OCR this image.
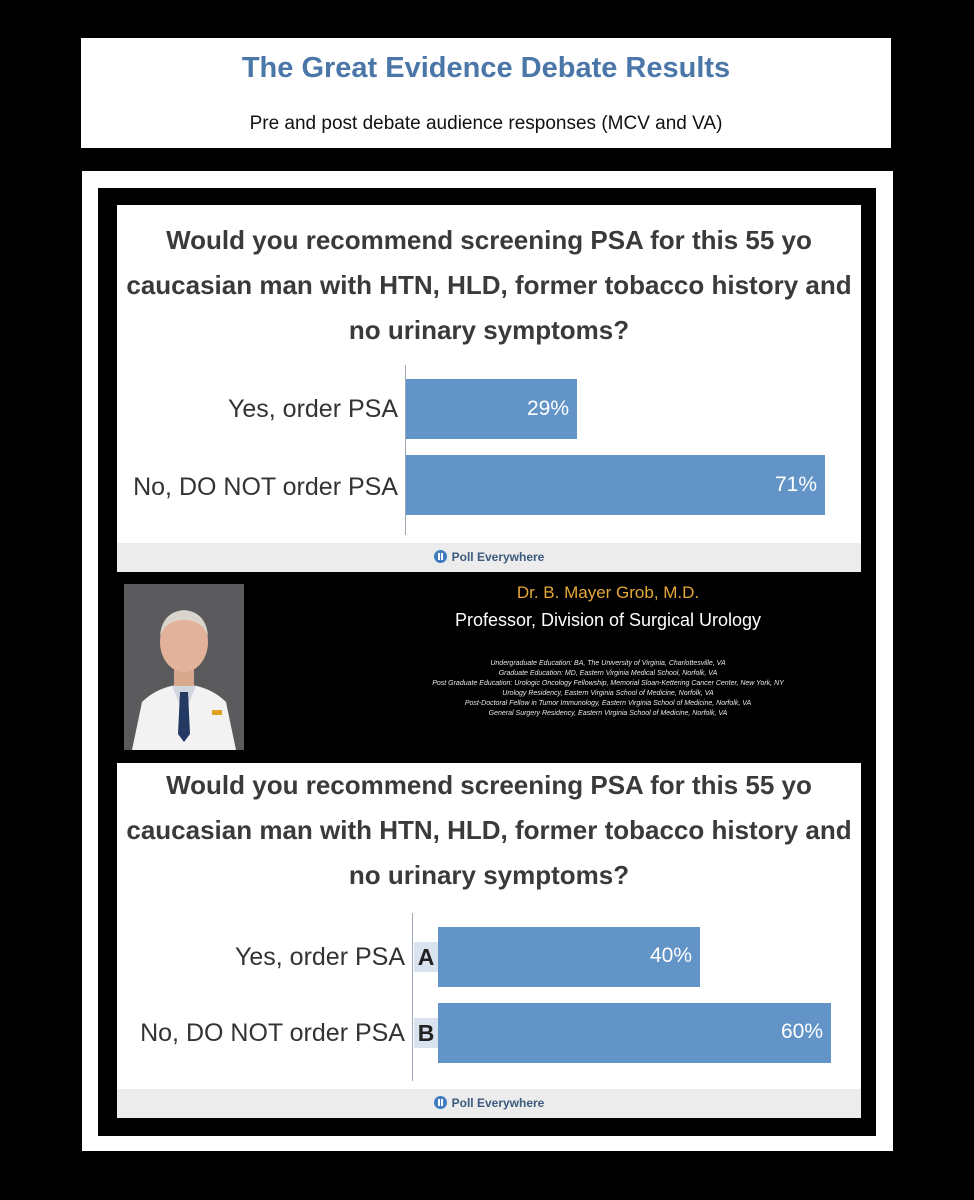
The Great Evidence Debate Results
Pre and post debate audience responses (MCV and VA)
Would you recommend screening PSA for this 55 yo caucasian man with HTN, HLD, former tobacco history and no urinary symptoms?
Yes, order PSA	29%
No, DO NOT order PSA	71%
Poll Everywhere
Dr. B. Mayer Grob, M.D.
Professor, Division of Surgical Urology
Undergraduate Education: BA, The University of Virginia, Charlottesville, VA
Graduate Education: MD, Eastern Virginia Medical School, Norfolk, VA
Post Graduate Education: Urologic Oncology Fellowship, Memorial Sloan-Kettering Cancer Center, New York, NY
Urology Residency, Eastern Virginia School of Medicine, Norfolk, VA
Post-Doctoral Fellow in Tumor Immunology, Eastern Virginia School of Medicine, Norfolk, VA
General Surgery Residency, Eastern Virginia School of Medicine, Norfolk, VA
Would you recommend screening PSA for this 55 yo caucasian man with HTN, HLD, former tobacco history and no urinary symptoms?
Yes, order PSA A	40%
No, DO NOT order PSA B	60%
Poll Everywhere
